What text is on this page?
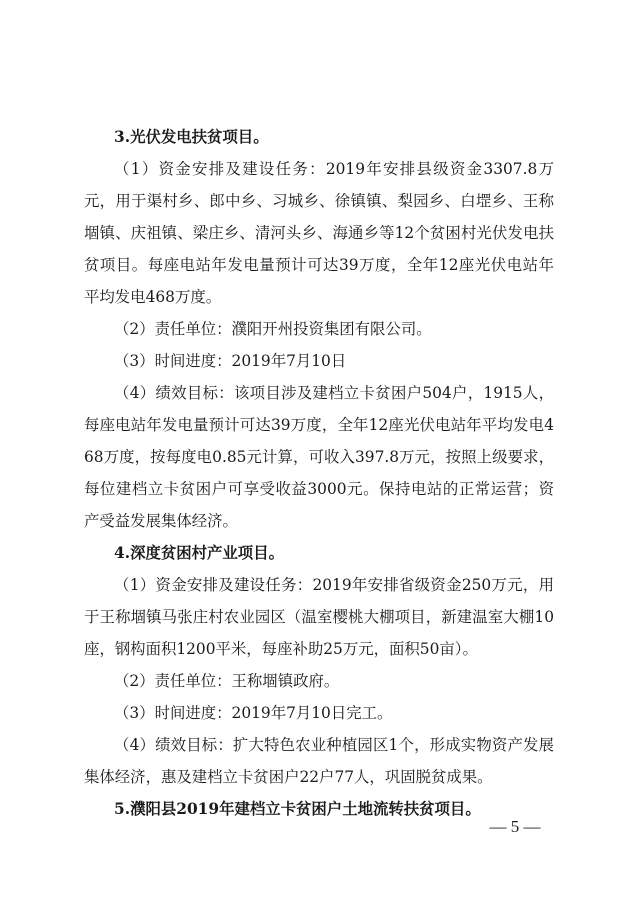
3.光伏发电扶贫项目。

（1）资金安排及建设任务：2019年安排县级资金3307.8万元，用于渠村乡、郎中乡、习城乡、徐镇镇、梨园乡、白堽乡、王称堌镇、庆祖镇、梁庄乡、清河头乡、海通乡等12个贫困村光伏发电扶贫项目。每座电站年发电量预计可达39万度，全年12座光伏电站年平均发电468万度。

（2）责任单位：濮阳开州投资集团有限公司。

（3）时间进度：2019年7月10日

（4）绩效目标：该项目涉及建档立卡贫困户504户，1915人，每座电站年发电量预计可达39万度，全年12座光伏电站年平均发电468万度，按每度电0.85元计算，可收入397.8万元，按照上级要求，每位建档立卡贫困户可享受收益3000元。保持电站的正常运营；资产受益发展集体经济。

4.深度贫困村产业项目。

（1）资金安排及建设任务：2019年安排省级资金250万元，用于王称堌镇马张庄村农业园区（温室樱桃大棚项目，新建温室大棚10座，钢构面积1200平米，每座补助25万元，面积50亩）。

（2）责任单位：王称堌镇政府。

（3）时间进度：2019年7月10日完工。

（4）绩效目标：扩大特色农业种植园区1个，形成实物资产发展集体经济，惠及建档立卡贫困户22户77人，巩固脱贫成果。

5.濮阳县2019年建档立卡贫困户土地流转扶贫项目。

— 5 —
